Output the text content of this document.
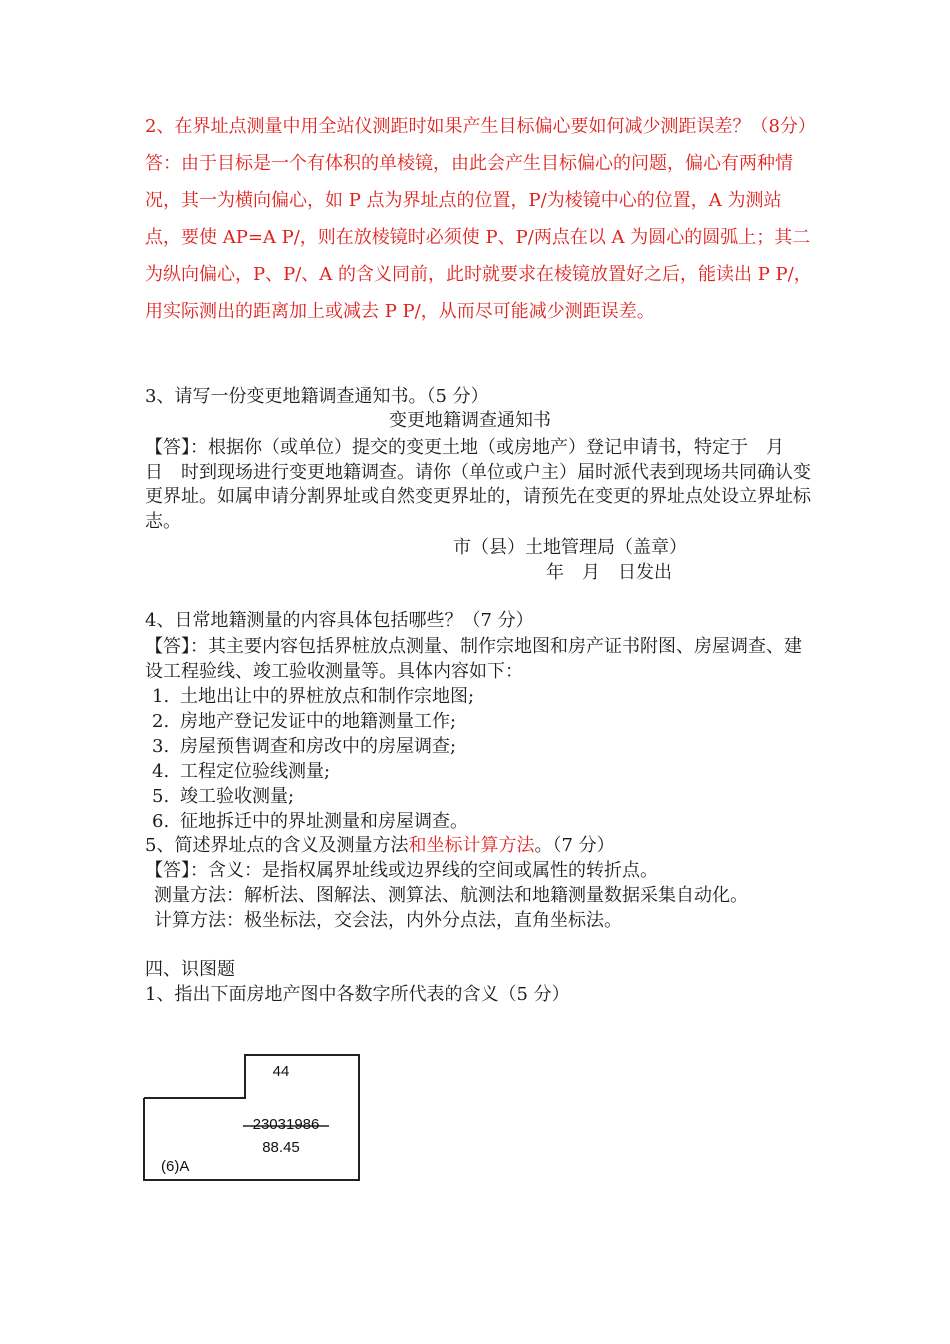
2、在界址点测量中用全站仪测距时如果产生目标偏心要如何减少测距误差？（8分）

答：由于目标是一个有体积的单棱镜，由此会产生目标偏心的问题，偏心有两种情况，其一为横向偏心，如 P 点为界址点的位置，P/为棱镜中心的位置，A 为测站点，要使 AP=A P/，则在放棱镜时必须使 P、P/两点在以 A 为圆心的圆弧上；其二为纵向偏心，P、P/、A 的含义同前，此时就要求在棱镜放置好之后，能读出 P P/，用实际测出的距离加上或减去 P P/，从而尽可能减少测距误差。

3、请写一份变更地籍调查通知书。（5 分）
变更地籍调查通知书

【答】：根据你（或单位）提交的变更土地（或房地产）登记申请书，特定于　月　日　时到现场进行变更地籍调查。请你（单位或户主）届时派代表到现场共同确认变更界址。如属申请分割界址或自然变更界址的，请预先在变更的界址点处设立界址标志。

市（县）土地管理局（盖章）
年　月　日发出
4、日常地籍测量的内容具体包括哪些？（7 分）

【答】：其主要内容包括界桩放点测量、制作宗地图和房产证书附图、房屋调查、建设工程验线、竣工验收测量等。具体内容如下：

1. 土地出让中的界桩放点和制作宗地图;
2. 房地产登记发证中的地籍测量工作;
3. 房屋预售调查和房改中的房屋调查;
4. 工程定位验线测量;
5. 竣工验收测量;
6. 征地拆迁中的界址测量和房屋调查。
5、简述界址点的含义及测量方法和坐标计算方法。（7 分）
【答】：含义：是指权属界址线或边界线的空间或属性的转折点。
测量方法：解析法、图解法、测算法、航测法和地籍测量数据采集自动化。
计算方法：极坐标法，交会法，内外分点法，直角坐标法。
四、识图题
1、指出下面房地产图中各数字所代表的含义（5 分）
44
23031986
88.45
(6)A
